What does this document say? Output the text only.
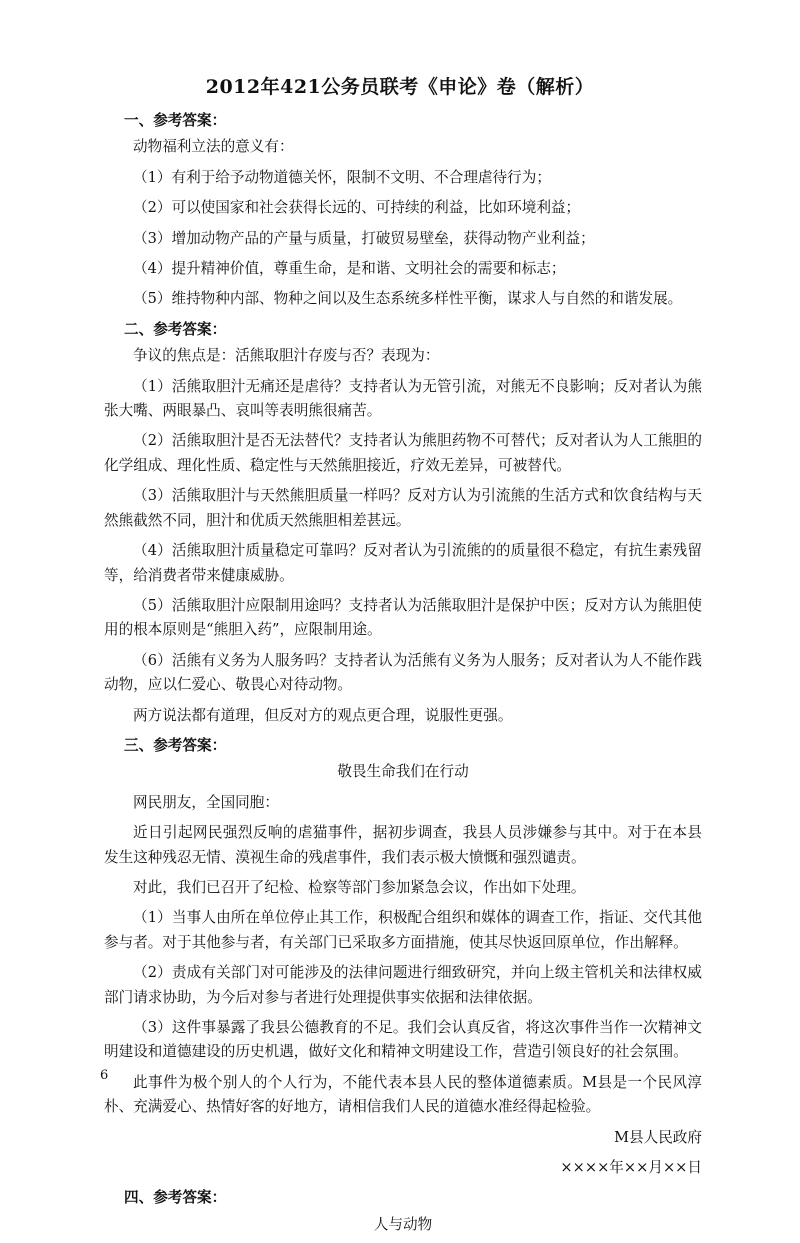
2012年421公务员联考《申论》卷（解析）
一、参考答案：
动物福利立法的意义有：
（1）有利于给予动物道德关怀，限制不文明、不合理虐待行为；
（2）可以使国家和社会获得长远的、可持续的利益，比如环境利益；
（3）增加动物产品的产量与质量，打破贸易壁垒，获得动物产业利益；
（4）提升精神价值，尊重生命，是和谐、文明社会的需要和标志；
（5）维持物种内部、物种之间以及生态系统多样性平衡，谋求人与自然的和谐发展。
二、参考答案：
争议的焦点是：活熊取胆汁存废与否？表现为：
（1）活熊取胆汁无痛还是虐待？支持者认为无管引流，对熊无不良影响；反对者认为熊张大嘴、两眼暴凸、哀叫等表明熊很痛苦。
（2）活熊取胆汁是否无法替代？支持者认为熊胆药物不可替代；反对者认为人工熊胆的化学组成、理化性质、稳定性与天然熊胆接近，疗效无差异，可被替代。
（3）活熊取胆汁与天然熊胆质量一样吗？反对方认为引流熊的生活方式和饮食结构与天然熊截然不同，胆汁和优质天然熊胆相差甚远。
（4）活熊取胆汁质量稳定可靠吗？反对者认为引流熊的的质量很不稳定，有抗生素残留等，给消费者带来健康威胁。
（5）活熊取胆汁应限制用途吗？支持者认为活熊取胆汁是保护中医；反对方认为熊胆使用的根本原则是“熊胆入药”，应限制用途。
（6）活熊有义务为人服务吗？支持者认为活熊有义务为人服务；反对者认为人不能作践动物，应以仁爱心、敬畏心对待动物。
两方说法都有道理，但反对方的观点更合理，说服性更强。
三、参考答案：
敬畏生命我们在行动
网民朋友，全国同胞：
近日引起网民强烈反响的虐猫事件，据初步调查，我县人员涉嫌参与其中。对于在本县发生这种残忍无情、漠视生命的残虐事件，我们表示极大愤慨和强烈谴责。
对此，我们已召开了纪检、检察等部门参加紧急会议，作出如下处理。
（1）当事人由所在单位停止其工作，积极配合组织和媒体的调查工作，指证、交代其他参与者。对于其他参与者，有关部门已采取多方面措施，使其尽快返回原单位，作出解释。
（2）责成有关部门对可能涉及的法律问题进行细致研究，并向上级主管机关和法律权威部门请求协助，为今后对参与者进行处理提供事实依据和法律依据。
（3）这件事暴露了我县公德教育的不足。我们会认真反省，将这次事件当作一次精神文明建设和道德建设的历史机遇，做好文化和精神文明建设工作，营造引领良好的社会氛围。
此事件为极个别人的个人行为，不能代表本县人民的整体道德素质。M县是一个民风淳朴、充满爱心、热情好客的好地方，请相信我们人民的道德水准经得起检验。
M县人民政府
××××年××月××日
四、参考答案：
人与动物
6
